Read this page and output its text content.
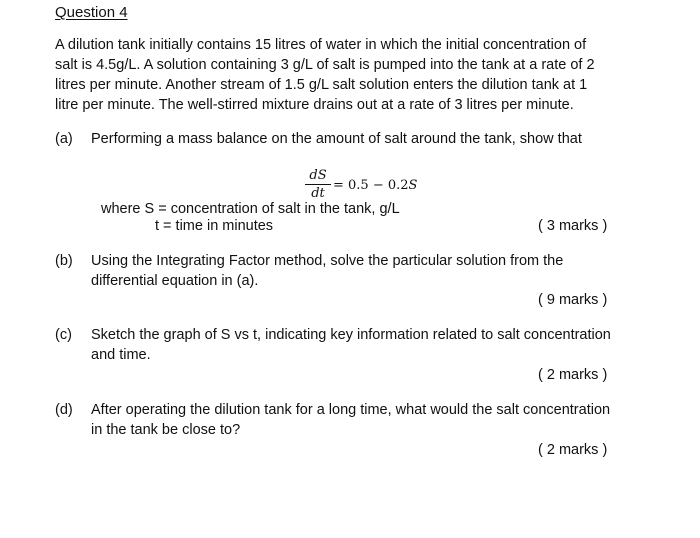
Question 4
A dilution tank initially contains 15 litres of water in which the initial concentration of
salt is 4.5g/L. A solution containing 3 g/L of salt is pumped into the tank at a rate of 2
litres per minute. Another stream of 1.5 g/L salt solution enters the dilution tank at 1
litre per minute. The well-stirred mixture drains out at a rate of 3 litres per minute.
(a) Performing a mass balance on the amount of salt around the tank, show that
dS
dt
= 0.5 − 0.2S
where S = concentration of salt in the tank, g/L
t = time in minutes	( 3 marks )
(b) Using the Integrating Factor method, solve the particular solution from the
differential equation in (a).
( 9 marks )
(c) Sketch the graph of S vs t, indicating key information related to salt concentration
and time.
( 2 marks )
(d) After operating the dilution tank for a long time, what would the salt concentration
in the tank be close to?
( 2 marks )
